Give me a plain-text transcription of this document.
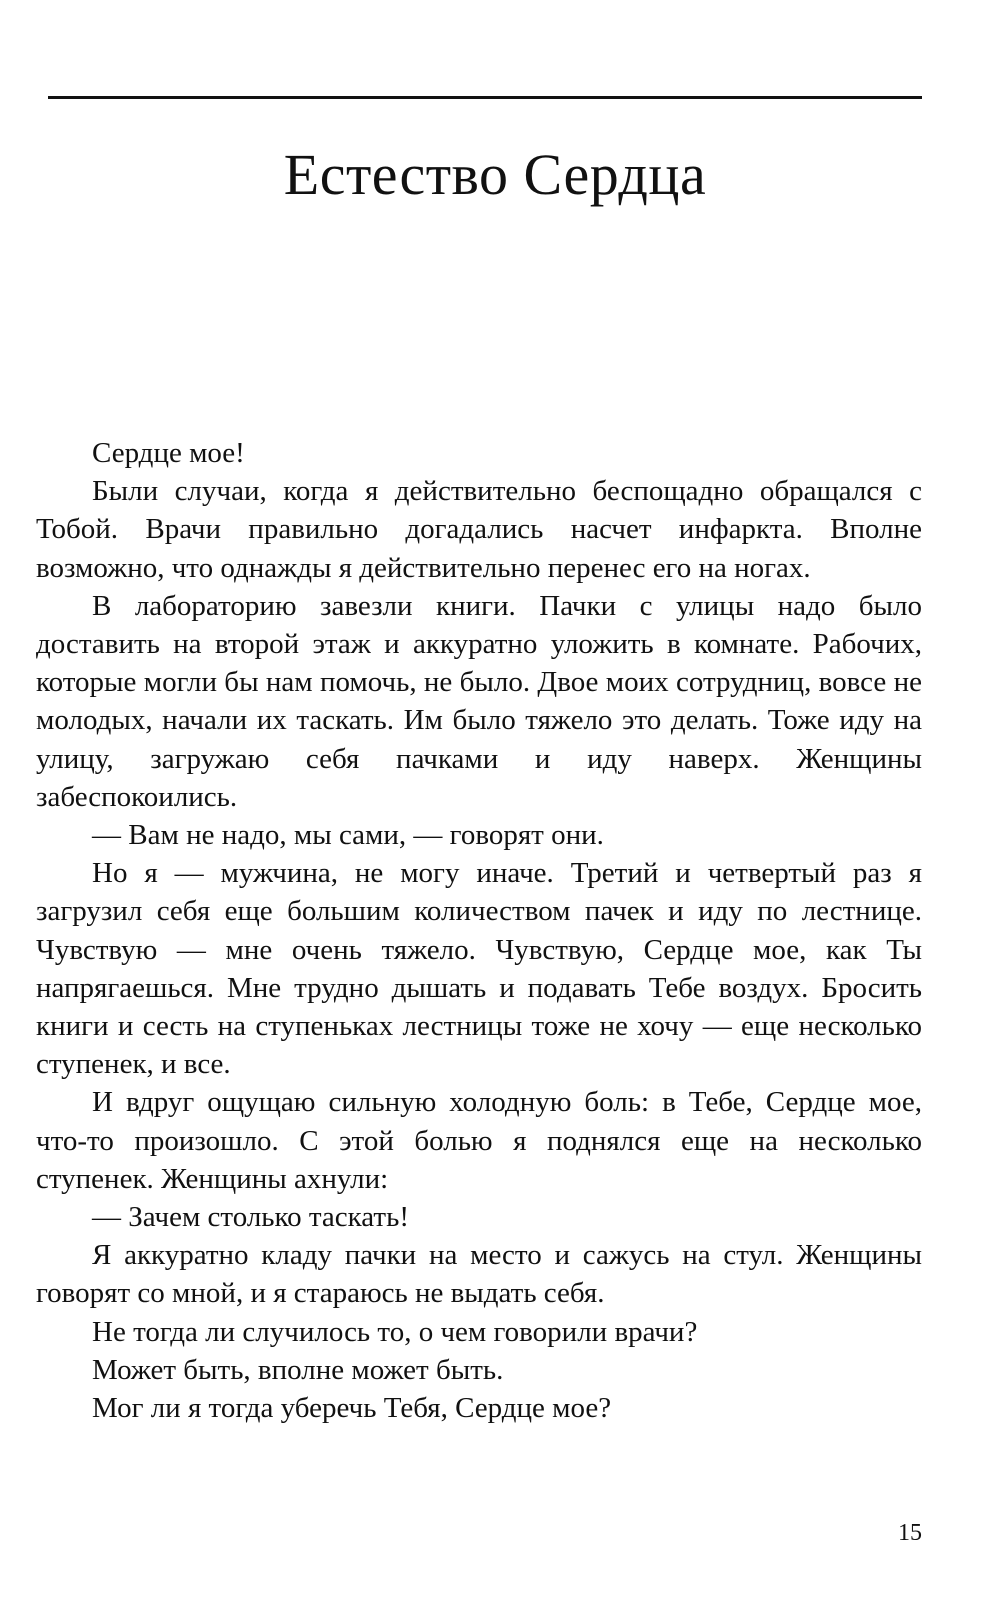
Естество Сердца

Сердце мое!

Были случаи, когда я действительно беспощадно обращался с Тобой. Врачи правильно догадались насчет инфаркта. Вполне возможно, что однажды я действительно перенес его на ногах.

В лабораторию завезли книги. Пачки с улицы надо было доставить на второй этаж и аккуратно уложить в комнате. Рабочих, которые могли бы нам помочь, не было. Двое моих сотрудниц, вовсе не молодых, начали их таскать. Им было тяжело это делать. Тоже иду на улицу, загружаю себя пачками и иду наверх. Женщины забеспокоились.

— Вам не надо, мы сами, — говорят они.

Но я — мужчина, не могу иначе. Третий и четвертый раз я загрузил себя еще большим количеством пачек и иду по лестнице. Чувствую — мне очень тяжело. Чувствую, Сердце мое, как Ты напрягаешься. Мне трудно дышать и подавать Тебе воздух. Бросить книги и сесть на ступеньках лестницы тоже не хочу — еще несколько ступенек, и все.

И вдруг ощущаю сильную холодную боль: в Тебе, Сердце мое, что-то произошло. С этой болью я поднялся еще на несколько ступенек. Женщины ахнули:

— Зачем столько таскать!

Я аккуратно кладу пачки на место и сажусь на стул. Женщины говорят со мной, и я стараюсь не выдать себя.

Не тогда ли случилось то, о чем говорили врачи?

Может быть, вполне может быть.

Мог ли я тогда уберечь Тебя, Сердце мое?

15
